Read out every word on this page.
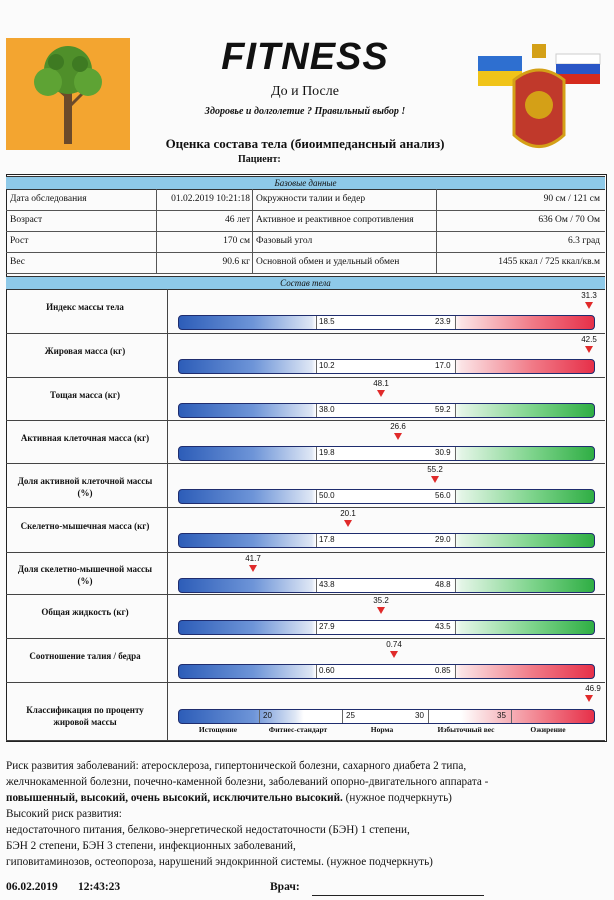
FITNESS
До и После
Здоровье и долголетие ? Правильный выбор !
Оценка состава тела (биоимпедансный анализ)
Пациент:
Базовые данные
Дата обследования	01.02.2019 10:21:18 Окружности талии и бедер	90 см / 121 см
Возраст	46 лет Активное и реактивное сопротивления	636 Ом / 70 Ом
Рост	170 см Фазовый угол	6.3 град
Вес	90.6 кг Основной обмен и удельный обмен	1455 ккал / 725 ккал/кв.м
Состав тела
Индекс массы тела
31.3
18.5	23.9
Жировая масса (кг)
42.5
10.2	17.0
Тощая масса (кг)
48.1
38.0	59.2
Активная клеточная масса (кг)
26.6
19.8	30.9
Доля активной клеточной массы (%)
55.2
50.0	56.0
Скелетно-мышечная масса (кг)
20.1
17.8	29.0
Доля скелетно-мышечной массы (%)
41.7
43.8	48.8
Общая жидкость (кг)
35.2
27.9	43.5
Соотношение талия / бедра
0.74
0.60	0.85
Классификация по проценту жировой массы
46.9
20	25	30	35
Истощение	Фитнес-стандарт	Норма	Избыточный вес	Ожирение
Риск развития заболеваний: атеросклероза, гипертонической болезни, сахарного диабета 2 типа,
желчнокаменной болезни, почечно-каменной болезни, заболеваний опорно-двигательного аппарата -
повышенный, высокий, очень высокий, исключительно высокий. (нужное подчеркнуть)
Высокий риск развития:
недостаточного питания, белково-энергетической недостаточности (БЭН) 1 степени,
БЭН 2 степени, БЭН 3 степени, инфекционных заболеваний,
гиповитаминозов, остеопороза, нарушений эндокринной системы. (нужное подчеркнуть)
06.02.2019 12:43:23	Врач:
